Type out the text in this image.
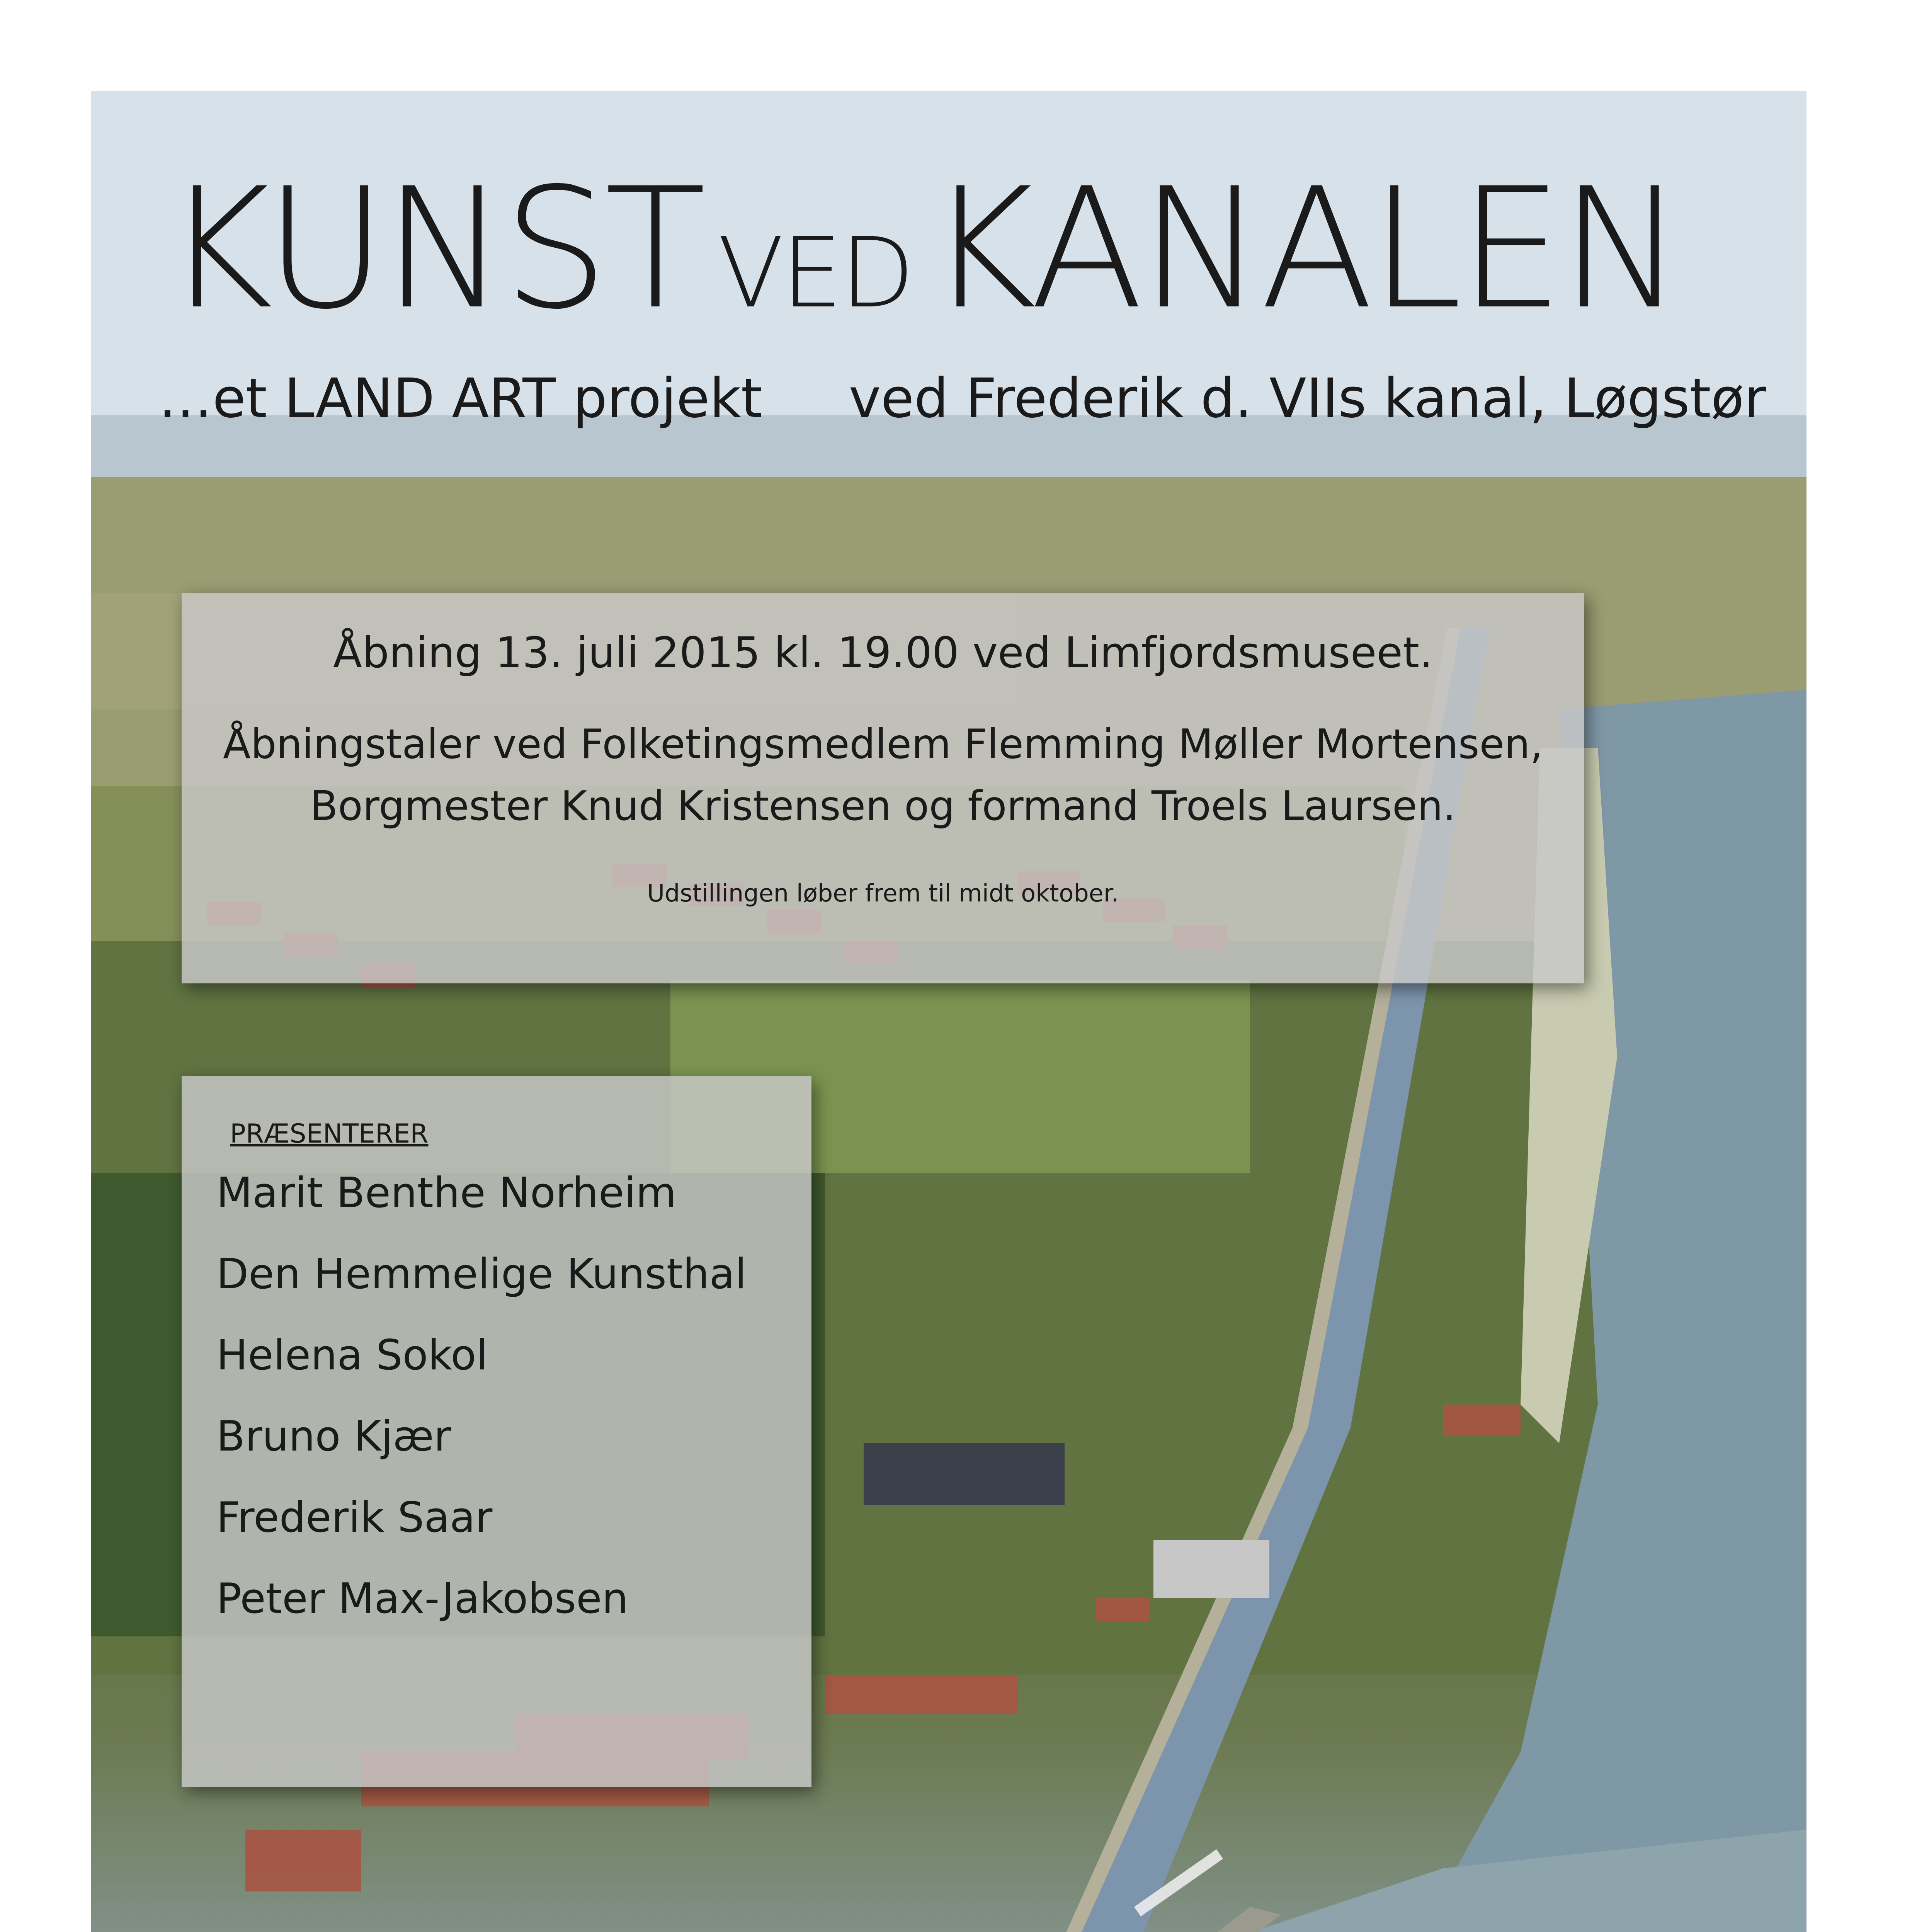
KUNST VEDKANALEN
…et LAND ART projekt ved Frederik d. VIIs kanal, Løgstør
Åbning 13. juli 2015 kl. 19.00 ved Limfjordsmuseet.
Åbningstaler ved Folketingsmedlem Flemming Møller Mortensen,
Borgmester Knud Kristensen og formand Troels Laursen.
Udstillingen løber frem til midt oktober.
PRÆSENTERER
Marit Benthe Norheim
Den Hemmelige Kunsthal
Helena Sokol
Bruno Kjær
Frederik Saar
Peter Max-Jakobsen
